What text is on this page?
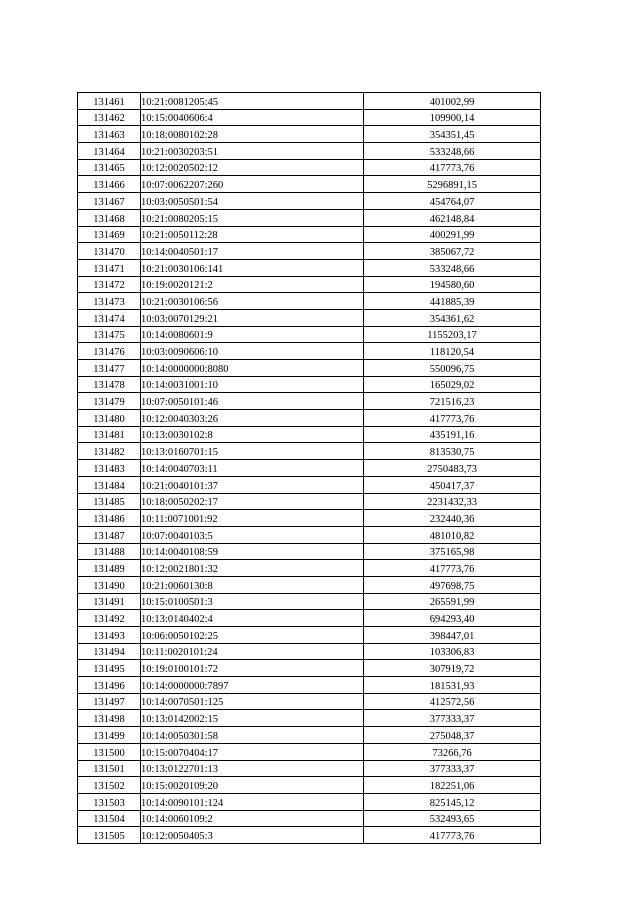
131461	10:21:0081205:45	401002,99
131462	10:15:0040606:4	109900,14
131463	10:18:0080102:28	354351,45
131464	10:21:0030203:51	533248,66
131465	10:12:0020502:12	417773,76
131466	10:07:0062207:260	5296891,15
131467	10:03:0050501:54	454764,07
131468	10:21:0080205:15	462148,84
131469	10:21:0050112:28	400291,99
131470	10:14:0040501:17	385067,72
131471	10:21:0030106:141	533248,66
131472	10:19:0020121:2	194580,60
131473	10:21:0030106:56	441885,39
131474	10:03:0070129:21	354361,62
131475	10:14:0080601:9	1155203,17
131476	10:03:0090606:10	118120,54
131477	10:14:0000000:8080	550096,75
131478	10:14:0031001:10	165029,02
131479	10:07:0050101:46	721516,23
131480	10:12:0040303:26	417773,76
131481	10:13:0030102:8	435191,16
131482	10:13:0160701:15	813530,75
131483	10:14:0040703:11	2750483,73
131484	10:21:0040101:37	450417,37
131485	10:18:0050202:17	2231432,33
131486	10:11:0071001:92	232440,36
131487	10:07:0040103:5	481010,82
131488	10:14:0040108:59	375165,98
131489	10:12:0021801:32	417773,76
131490	10:21:0060130:8	497698,75
131491	10:15:0100501:3	265591,99
131492	10:13:0140402:4	694293,40
131493	10:06:0050102:25	398447,01
131494	10:11:0020101:24	103306,83
131495	10:19:0100101:72	307919,72
131496	10:14:0000000:7897	181531,93
131497	10:14:0070501:125	412572,56
131498	10:13:0142002:15	377333,37
131499	10:14:0050301:58	275048,37
131500	10:15:0070404:17	73266,76
131501	10:13:0122701:13	377333,37
131502	10:15:0020109:20	182251,06
131503	10:14:0090101:124	825145,12
131504	10:14:0060109:2	532493,65
131505	10:12:0050405:3	417773,76
